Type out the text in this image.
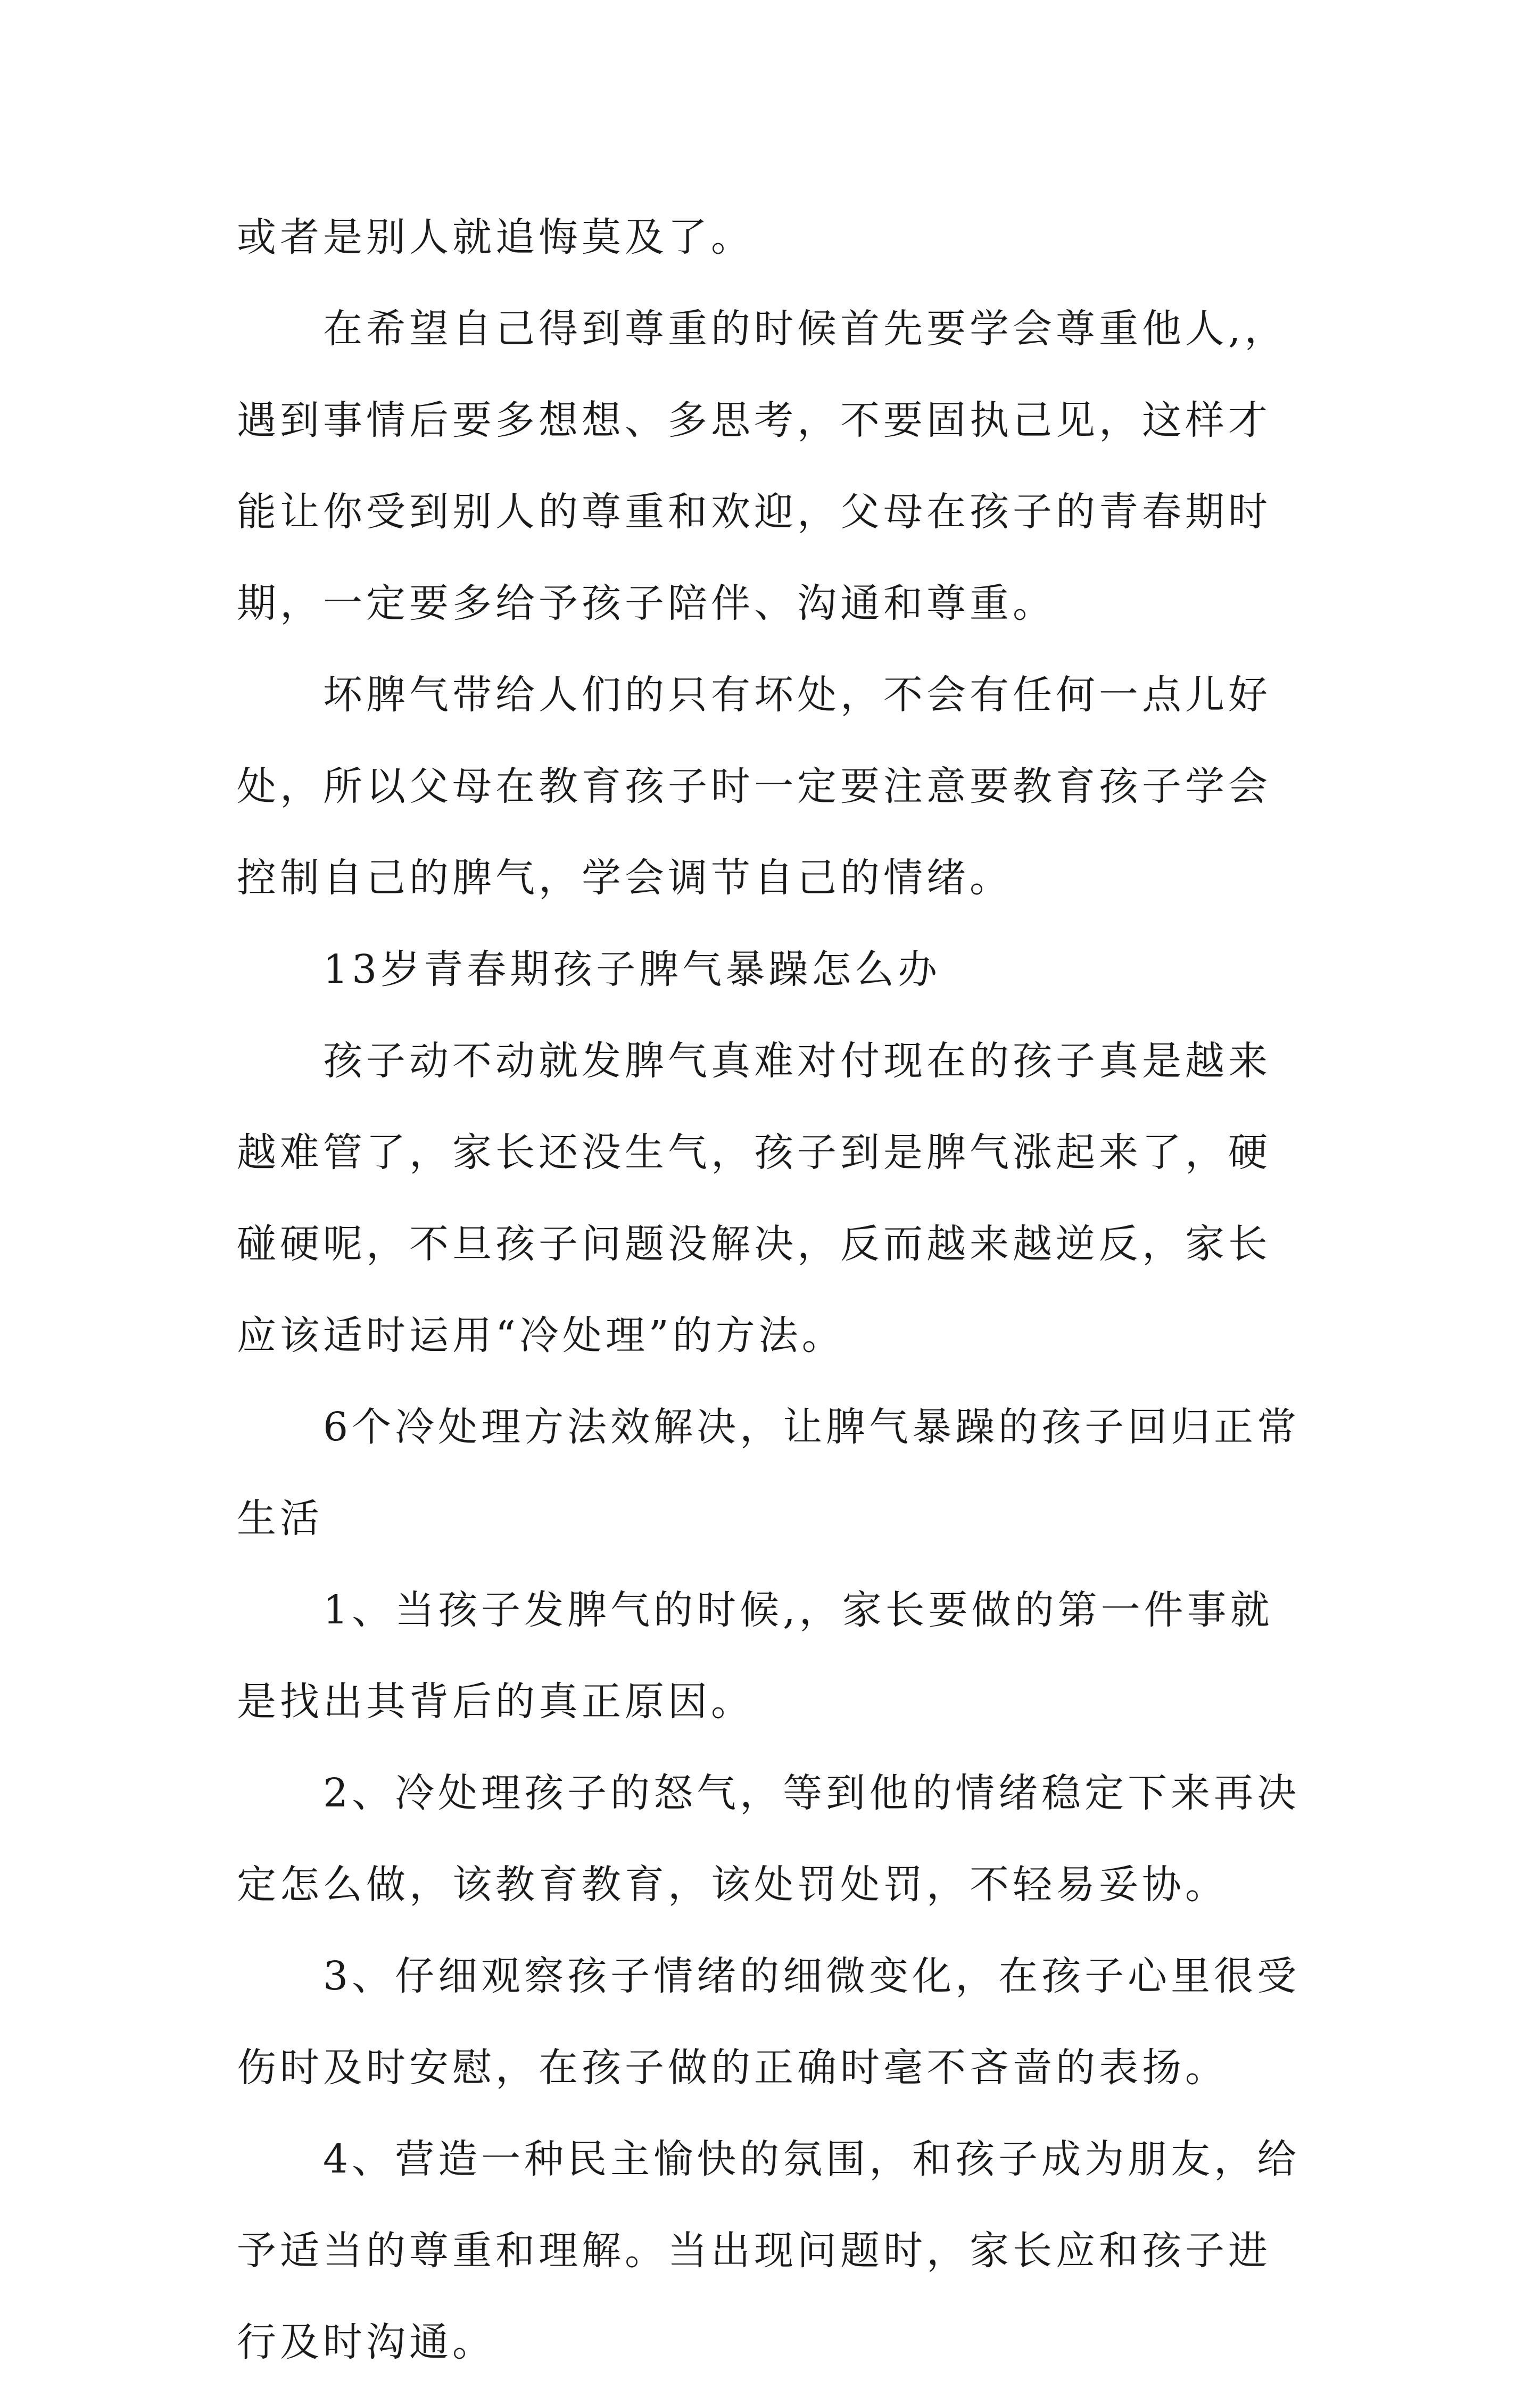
或者是别人就追悔莫及了。

在希望自己得到尊重的时候首先要学会尊重他人,，遇到事情后要多想想、多思考，不要固执己见，这样才能让你受到别人的尊重和欢迎，父母在孩子的青春期时期，一定要多给予孩子陪伴、沟通和尊重。

坏脾气带给人们的只有坏处，不会有任何一点儿好处，所以父母在教育孩子时一定要注意要教育孩子学会控制自己的脾气，学会调节自己的情绪。

13岁青春期孩子脾气暴躁怎么办

孩子动不动就发脾气真难对付现在的孩子真是越来越难管了，家长还没生气，孩子到是脾气涨起来了，硬碰硬呢，不旦孩子问题没解决，反而越来越逆反，家长应该适时运用“冷处理”的方法。

6个冷处理方法效解决，让脾气暴躁的孩子回归正常生活

1、当孩子发脾气的时候,，家长要做的第一件事就是找出其背后的真正原因。

2、冷处理孩子的怒气，等到他的情绪稳定下来再决定怎么做，该教育教育，该处罚处罚，不轻易妥协。

3、仔细观察孩子情绪的细微变化，在孩子心里很受伤时及时安慰，在孩子做的正确时毫不吝啬的表扬。

4、营造一种民主愉快的氛围，和孩子成为朋友，给予适当的尊重和理解。当出现问题时，家长应和孩子进行及时沟通。
